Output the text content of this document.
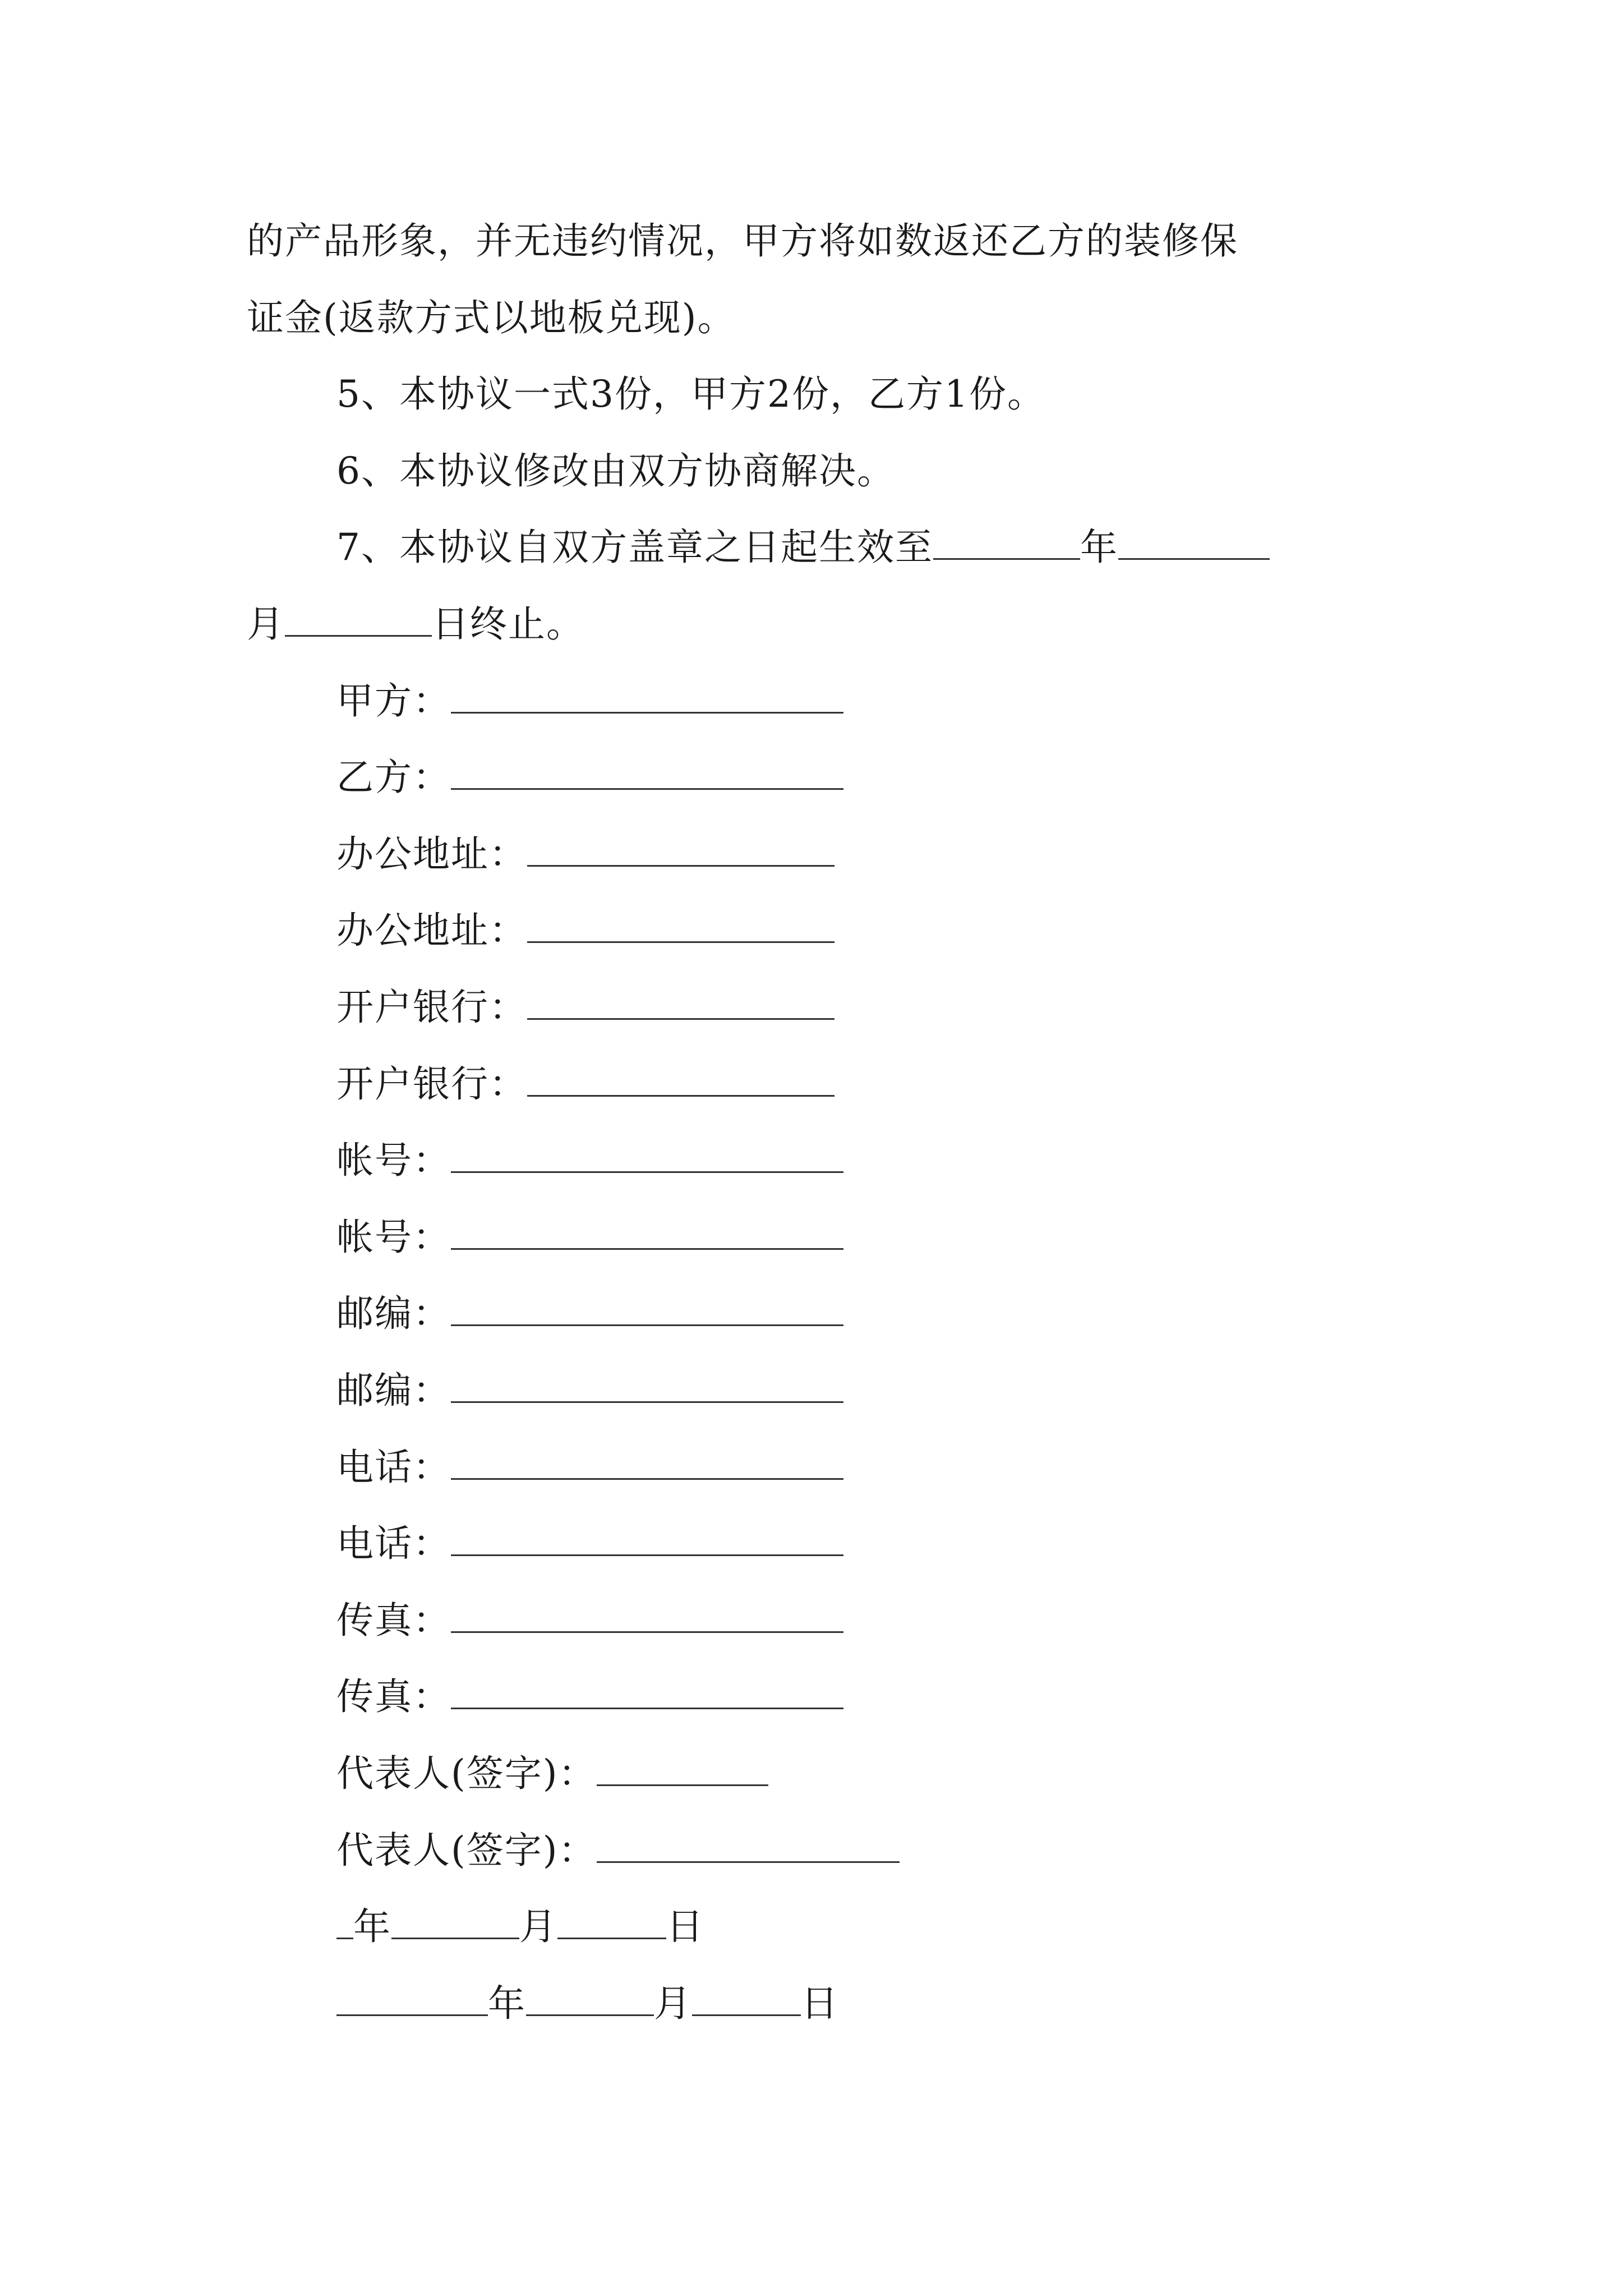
的产品形象，并无违约情况，甲方将如数返还乙方的装修保
证金(返款方式以地板兑现)。
5、本协议一式3份，甲方2份，乙方1份。
6、本协议修改由双方协商解决。
7、本协议自双方盖章之日起生效至	年
月	日终止。
甲方：
乙方：
办公地址：
办公地址：
开户银行：
开户银行：
帐号：
帐号：
邮编：
邮编：
电话：
电话：
传真：
传真：
代表人(签字)：
代表人(签字)：
年	月	日
年	月	日
